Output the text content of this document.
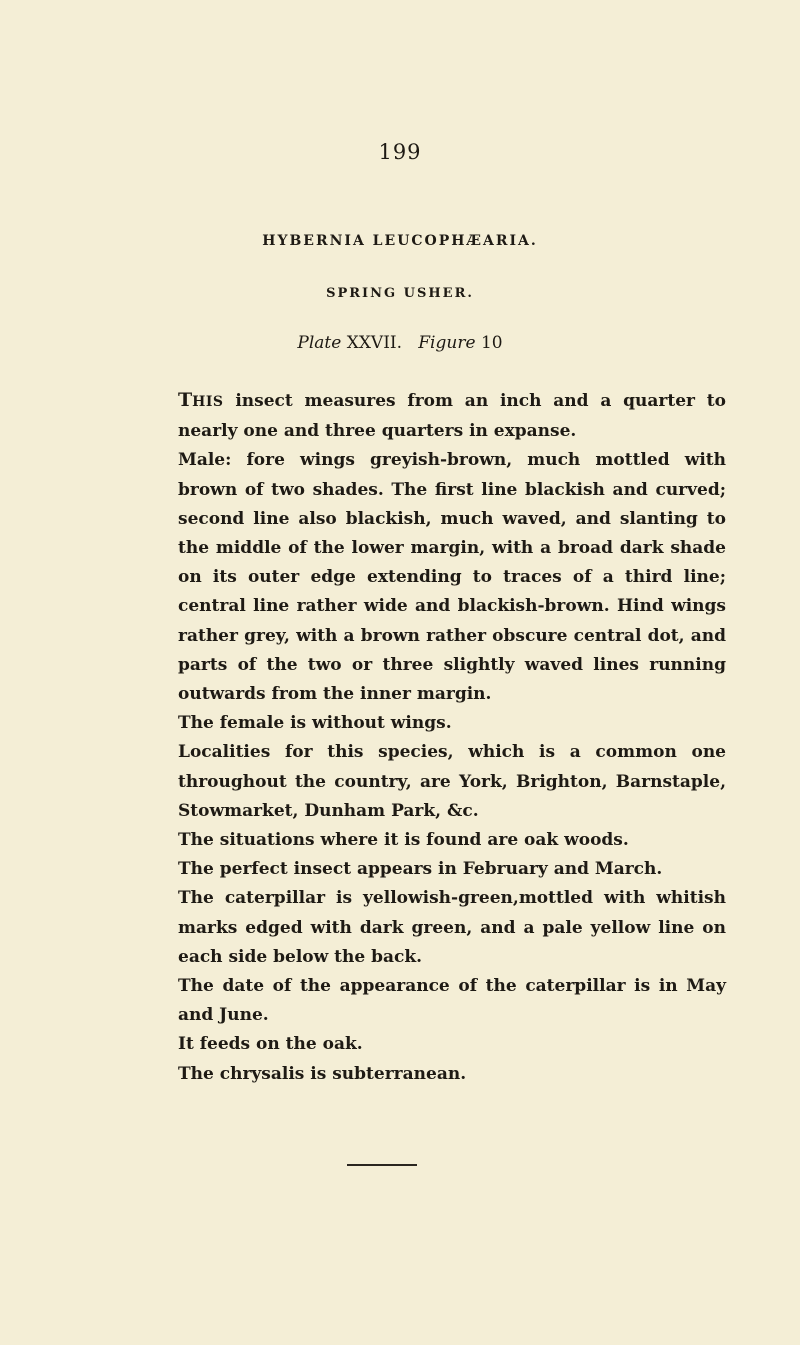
199
HYBERNIA LEUCOPHÆARIA.
SPRING USHER.
Plate XXVII. Figure 10

THIS insect measures from an inch and a quarter to nearly one and three quarters in expanse.

Male: fore wings greyish-brown, much mottled with brown of two shades. The first line blackish and curved; second line also blackish, much waved, and slanting to the middle of the lower margin, with a broad dark shade on its outer edge extending to traces of a third line; central line rather wide and blackish-brown. Hind wings rather grey, with a brown rather obscure central dot, and parts of the two or three slightly waved lines running outwards from the inner margin.

The female is without wings.

Localities for this species, which is a common one throughout the country, are York, Brighton, Barnstaple, Stowmarket, Dunham Park, &c.

The situations where it is found are oak woods.

The perfect insect appears in February and March.

The caterpillar is yellowish-green,mottled with whitish marks edged with dark green, and a pale yellow line on each side below the back.

The date of the appearance of the caterpillar is in May and June.

It feeds on the oak.

The chrysalis is subterranean.
